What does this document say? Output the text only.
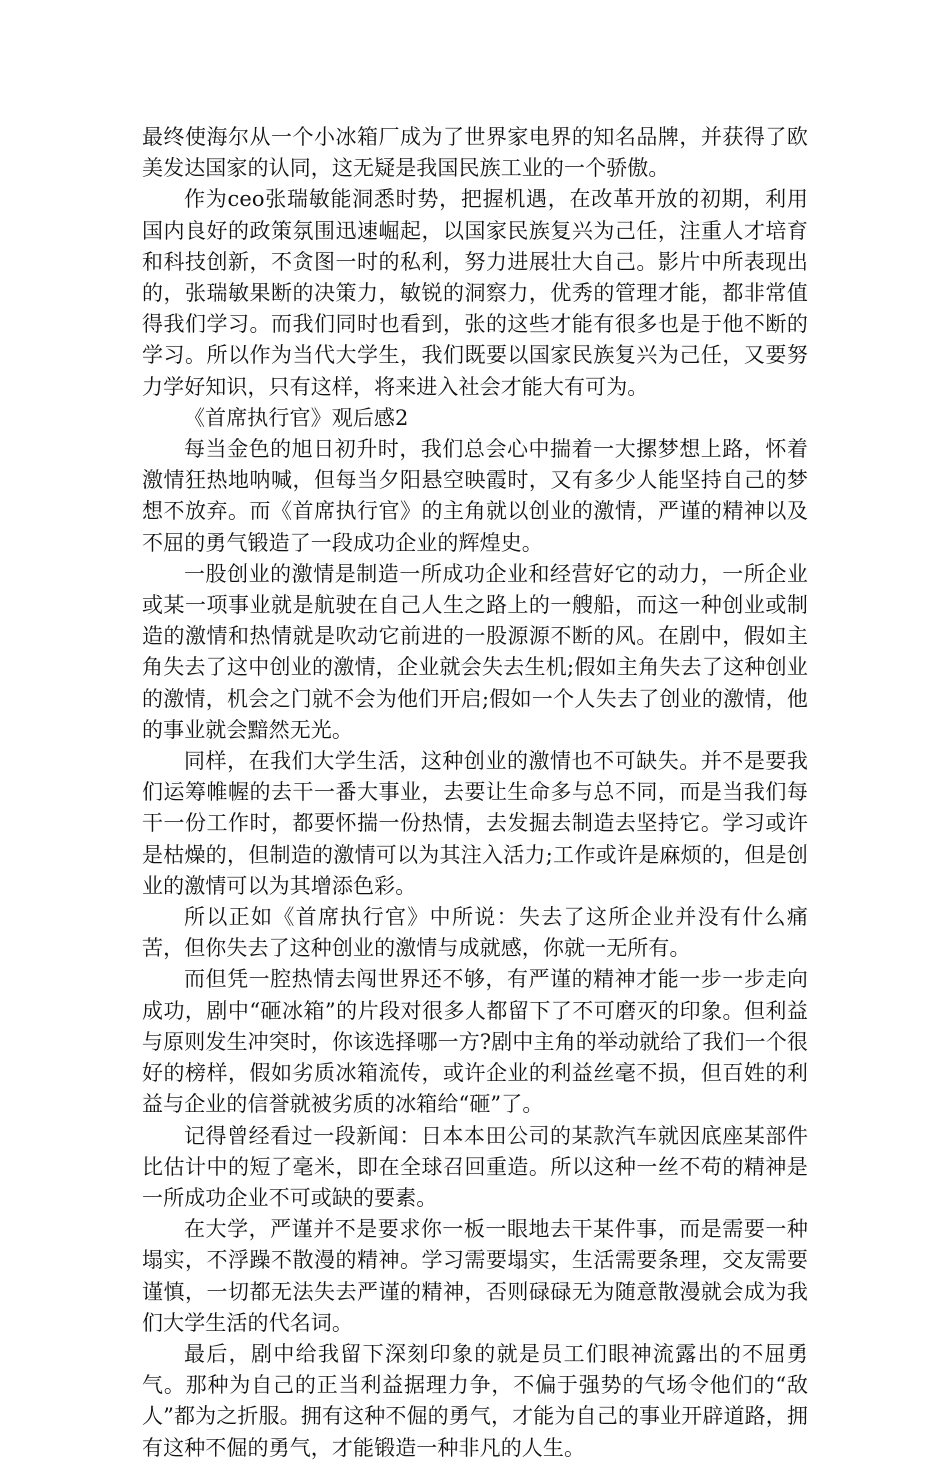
最终使海尔从一个小冰箱厂成为了世界家电界的知名品牌，并获得了欧美发达国家的认同，这无疑是我国民族工业的一个骄傲。

作为ceo张瑞敏能洞悉时势，把握机遇，在改革开放的初期，利用国内良好的政策氛围迅速崛起，以国家民族复兴为己任，注重人才培育和科技创新，不贪图一时的私利，努力进展壮大自己。影片中所表现出的，张瑞敏果断的决策力，敏锐的洞察力，优秀的管理才能，都非常值得我们学习。而我们同时也看到，张的这些才能有很多也是于他不断的学习。所以作为当代大学生，我们既要以国家民族复兴为己任，又要努力学好知识，只有这样，将来进入社会才能大有可为。

《首席执行官》观后感2

每当金色的旭日初升时，我们总会心中揣着一大摞梦想上路，怀着激情狂热地呐喊，但每当夕阳悬空映霞时，又有多少人能坚持自己的梦想不放弃。而《首席执行官》的主角就以创业的激情，严谨的精神以及不屈的勇气锻造了一段成功企业的辉煌史。

一股创业的激情是制造一所成功企业和经营好它的动力，一所企业或某一项事业就是航驶在自己人生之路上的一艘船，而这一种创业或制造的激情和热情就是吹动它前进的一股源源不断的风。在剧中，假如主角失去了这中创业的激情，企业就会失去生机;假如主角失去了这种创业的激情，机会之门就不会为他们开启;假如一个人失去了创业的激情，他的事业就会黯然无光。

同样，在我们大学生活，这种创业的激情也不可缺失。并不是要我们运筹帷幄的去干一番大事业，去要让生命多与总不同，而是当我们每干一份工作时，都要怀揣一份热情，去发掘去制造去坚持它。学习或许是枯燥的，但制造的激情可以为其注入活力;工作或许是麻烦的，但是创业的激情可以为其增添色彩。

所以正如《首席执行官》中所说：失去了这所企业并没有什么痛苦，但你失去了这种创业的激情与成就感，你就一无所有。

而但凭一腔热情去闯世界还不够，有严谨的精神才能一步一步走向成功，剧中“砸冰箱”的片段对很多人都留下了不可磨灭的印象。但利益与原则发生冲突时，你该选择哪一方?剧中主角的举动就给了我们一个很好的榜样，假如劣质冰箱流传，或许企业的利益丝毫不损，但百姓的利益与企业的信誉就被劣质的冰箱给“砸”了。

记得曾经看过一段新闻：日本本田公司的某款汽车就因底座某部件比估计中的短了毫米，即在全球召回重造。所以这种一丝不苟的精神是一所成功企业不可或缺的要素。

在大学，严谨并不是要求你一板一眼地去干某件事，而是需要一种塌实，不浮躁不散漫的精神。学习需要塌实，生活需要条理，交友需要谨慎，一切都无法失去严谨的精神，否则碌碌无为随意散漫就会成为我们大学生活的代名词。

最后，剧中给我留下深刻印象的就是员工们眼神流露出的不屈勇气。那种为自己的正当利益据理力争，不偏于强势的气场令他们的“敌人”都为之折服。拥有这种不倔的勇气，才能为自己的事业开辟道路，拥有这种不倔的勇气，才能锻造一种非凡的人生。
